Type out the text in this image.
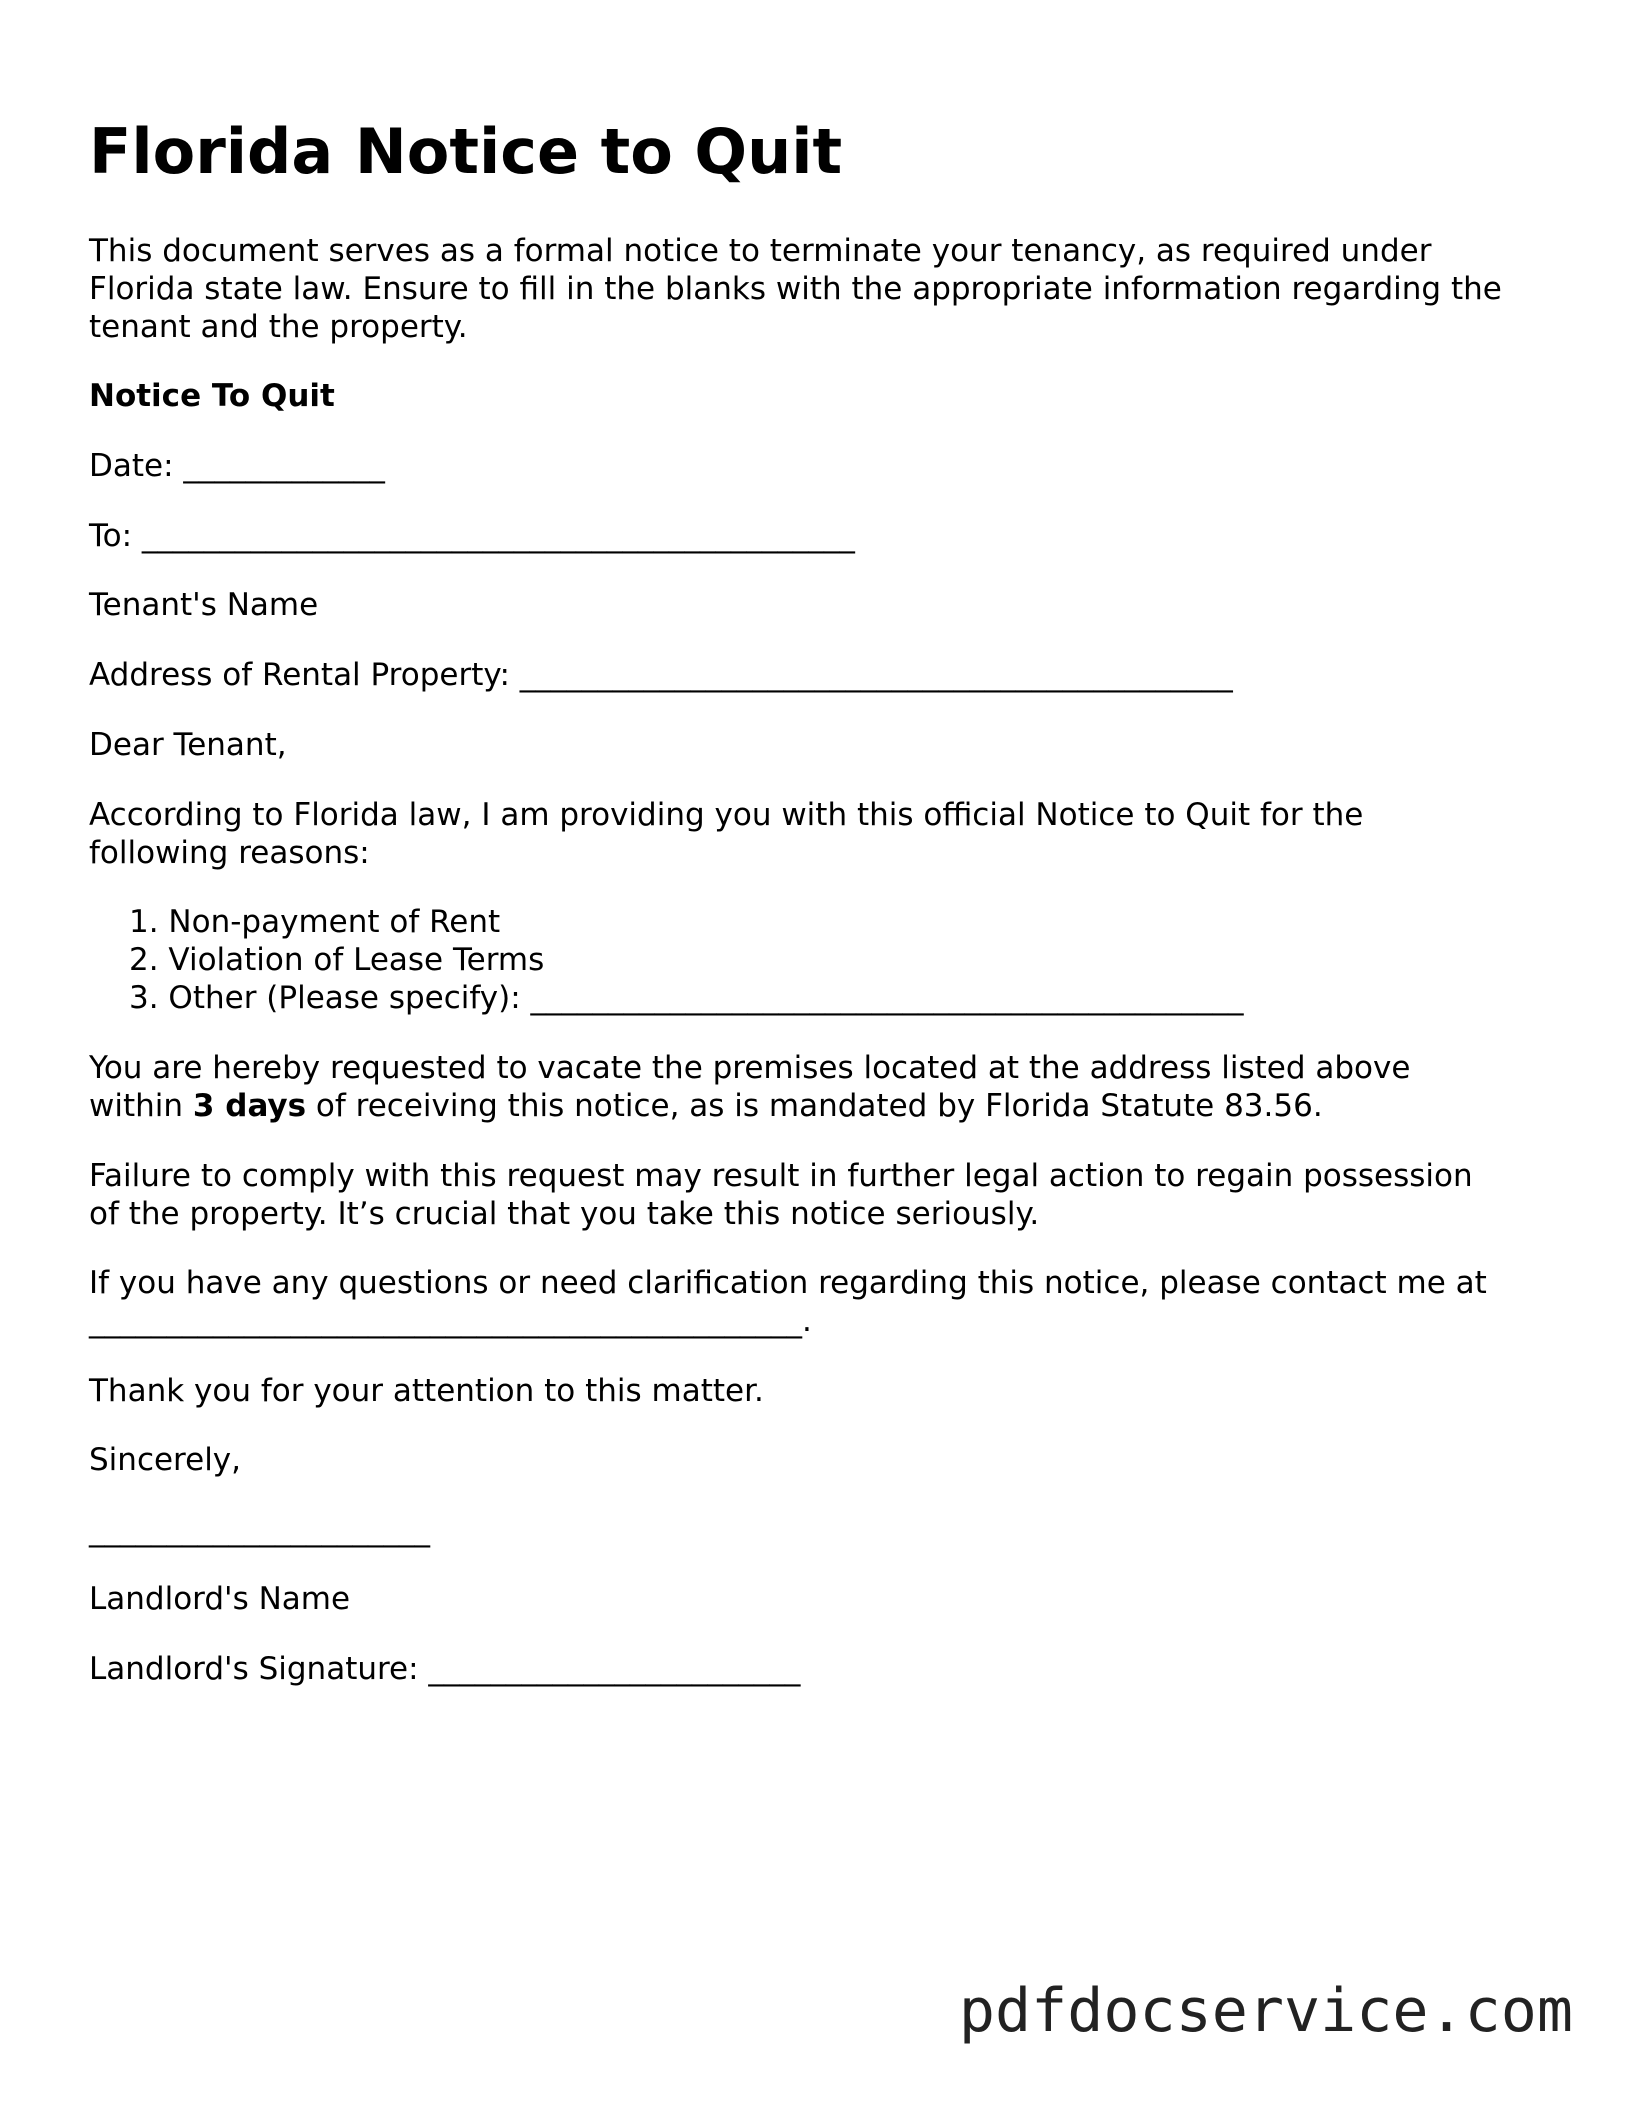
Florida Notice to Quit
This document serves as a formal notice to terminate your tenancy, as required under
Florida state law. Ensure to fill in the blanks with the appropriate information regarding the
tenant and the property.
Notice To Quit
Date: _____________
To: ______________________________________________
Tenant's Name
Address of Rental Property: ______________________________________________
Dear Tenant,
According to Florida law, I am providing you with this official Notice to Quit for the
following reasons:
1. Non-payment of Rent
2. Violation of Lease Terms
3. Other (Please specify): ______________________________________________
You are hereby requested to vacate the premises located at the address listed above
within 3 days of receiving this notice, as is mandated by Florida Statute 83.56.
Failure to comply with this request may result in further legal action to regain possession
of the property. It’s crucial that you take this notice seriously.
If you have any questions or need clarification regarding this notice, please contact me at
______________________________________________.
Thank you for your attention to this matter.
Sincerely,
______________________
Landlord's Name
Landlord's Signature: ________________________
pdfdocservice.com
